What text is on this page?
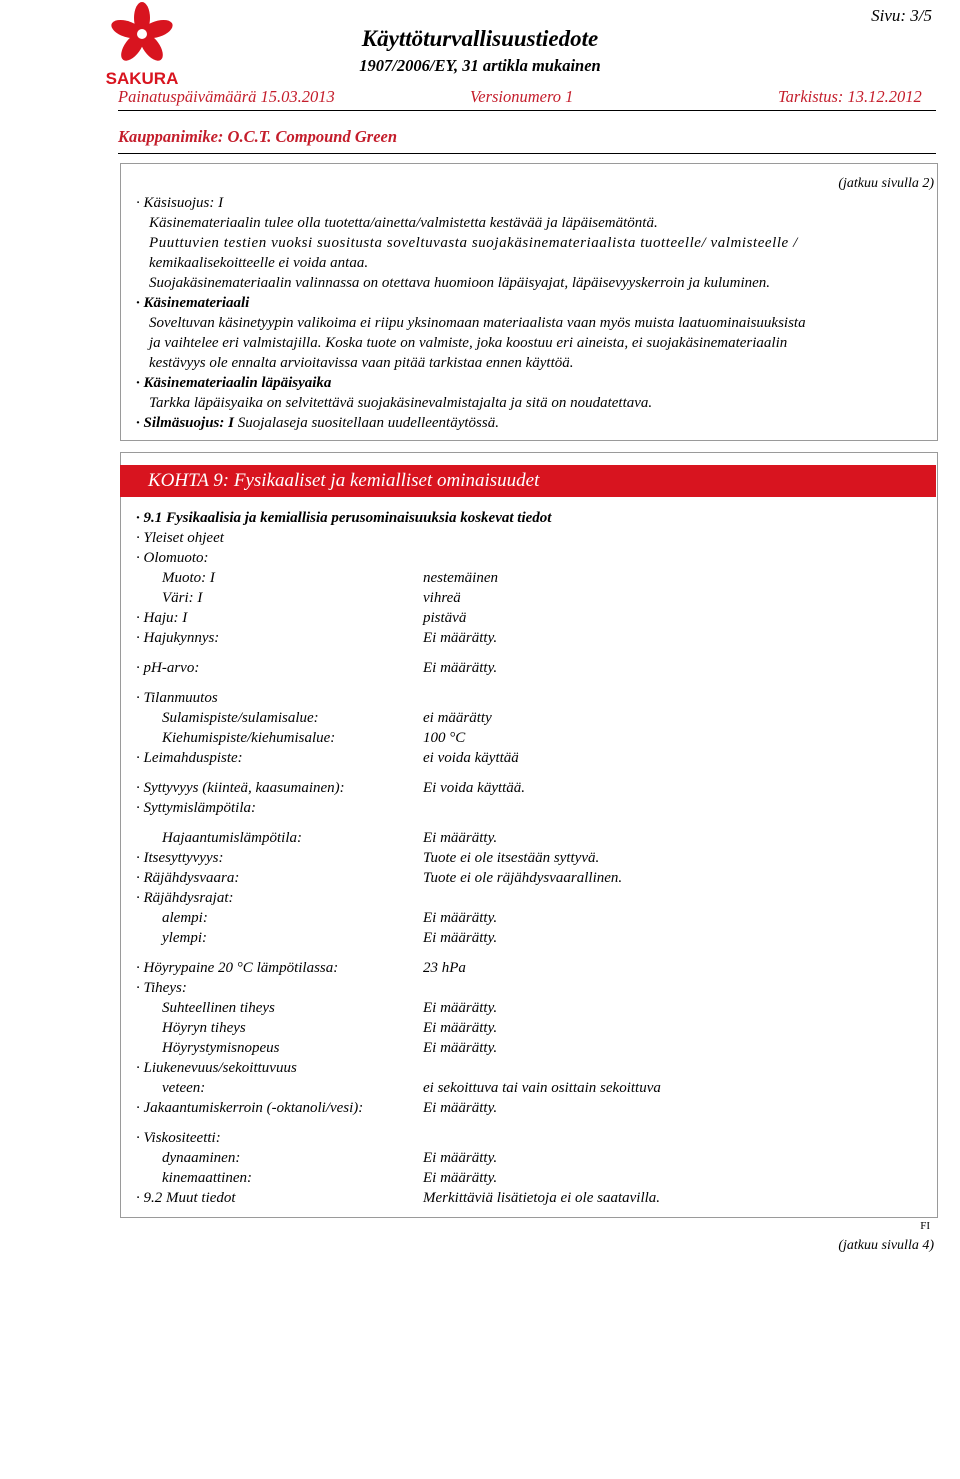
SAKURA
Sivu: 3/5
Käyttöturvallisuustiedote
1907/2006/EY, 31 artikla mukainen
Painatuspäivämäärä 15.03.2013	Versionumero 1	Tarkistus: 13.12.2012
Kauppanimike: O.C.T. Compound Green
(jatkuu sivulla 2)
· Käsisuojus: I
Käsinemateriaalin tulee olla tuotetta/ainetta/valmistetta kestävää ja läpäisemätöntä.
Puuttuvien testien vuoksi suositusta soveltuvasta suojakäsinemateriaalista tuotteelle/ valmisteelle /
kemikaalisekoitteelle ei voida antaa.
Suojakäsinemateriaalin valinnassa on otettava huomioon läpäisyajat, läpäisevyyskerroin ja kuluminen.
· Käsinemateriaali
Soveltuvan käsinetyypin valikoima ei riipu yksinomaan materiaalista vaan myös muista laatuominaisuuksista
ja vaihtelee eri valmistajilla. Koska tuote on valmiste, joka koostuu eri aineista, ei suojakäsinemateriaalin
kestävyys ole ennalta arvioitavissa vaan pitää tarkistaa ennen käyttöä.
· Käsinemateriaalin läpäisyaika
Tarkka läpäisyaika on selvitettävä suojakäsinevalmistajalta ja sitä on noudatettava.
· Silmäsuojus: I Suojalaseja suositellaan uudelleentäytössä.
KOHTA 9: Fysikaaliset ja kemialliset ominaisuudet
· 9.1 Fysikaalisia ja kemiallisia perusominaisuuksia koskevat tiedot
· Yleiset ohjeet
· Olomuoto:
Muoto: I	nestemäinen
Väri: I	vihreä
· Haju: I	pistävä
· Hajukynnys:	Ei määrätty.
· pH-arvo:	Ei määrätty.
· Tilanmuutos
Sulamispiste/sulamisalue:	ei määrätty
Kiehumispiste/kiehumisalue:	100 °C
· Leimahduspiste:	ei voida käyttää
· Syttyvyys (kiinteä, kaasumainen):	Ei voida käyttää.
· Syttymislämpötila:
Hajaantumislämpötila:	Ei määrätty.
· Itsesyttyvyys:	Tuote ei ole itsestään syttyvä.
· Räjähdysvaara:	Tuote ei ole räjähdysvaarallinen.
· Räjähdysrajat:
alempi:	Ei määrätty.
ylempi:	Ei määrätty.
· Höyrypaine 20 °C lämpötilassa:	23 hPa
· Tiheys:
Suhteellinen tiheys	Ei määrätty.
Höyryn tiheys	Ei määrätty.
Höyrystymisnopeus	Ei määrätty.
· Liukenevuus/sekoittuvuus
veteen:	ei sekoittuva tai vain osittain sekoittuva
· Jakaantumiskerroin (-oktanoli/vesi):	Ei määrätty.
· Viskositeetti:
dynaaminen:	Ei määrätty.
kinemaattinen:	Ei määrätty.
· 9.2 Muut tiedot	Merkittäviä lisätietoja ei ole saatavilla.
FI
(jatkuu sivulla 4)
